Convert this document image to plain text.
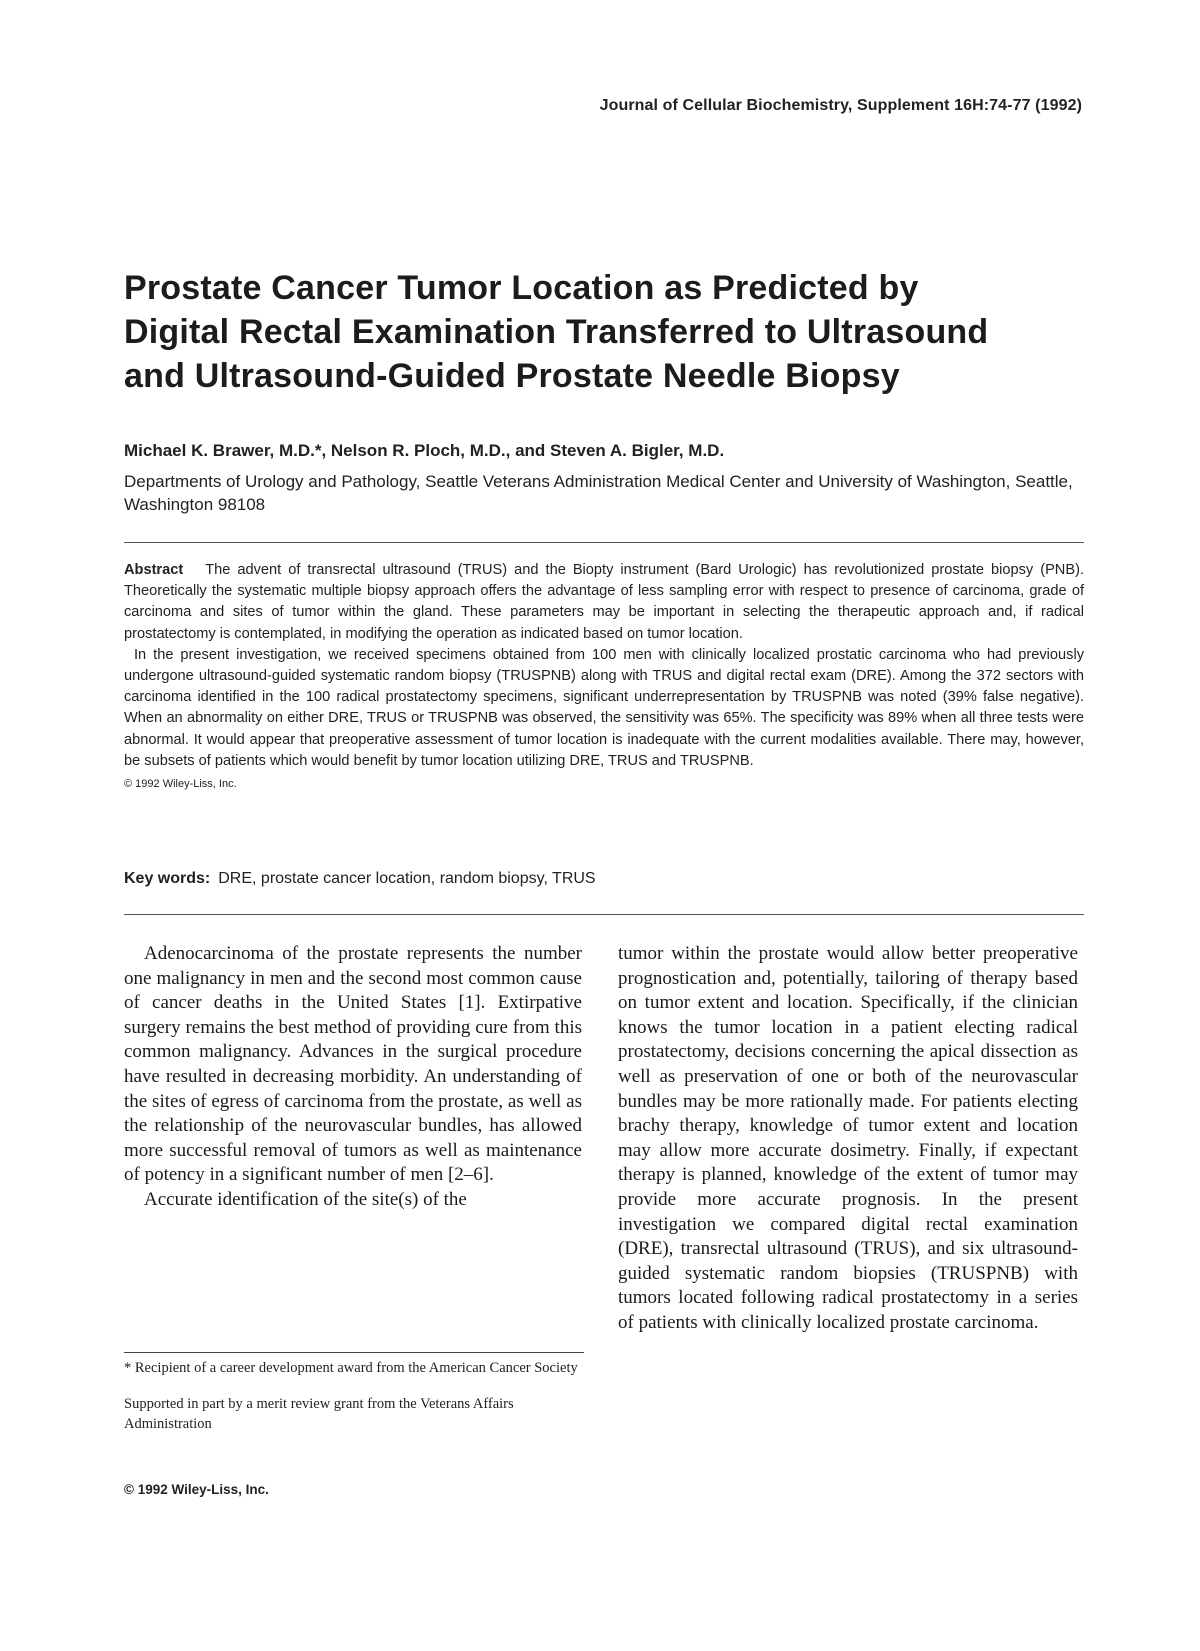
Journal of Cellular Biochemistry, Supplement 16H:74-77 (1992)
Prostate Cancer Tumor Location as Predicted by
Digital Rectal Examination Transferred to Ultrasound
and Ultrasound-Guided Prostate Needle Biopsy
Michael K. Brawer, M.D.*, Nelson R. Ploch, M.D., and Steven A. Bigler, M.D.
Departments of Urology and Pathology, Seattle Veterans Administration Medical Center and University of Washington, Seattle, Washington 98108

Abstract The advent of transrectal ultrasound (TRUS) and the Biopty instrument (Bard Urologic) has revolutionized prostate biopsy (PNB). Theoretically the systematic multiple biopsy approach offers the advantage of less sampling error with respect to presence of carcinoma, grade of carcinoma and sites of tumor within the gland. These parameters may be important in selecting the therapeutic approach and, if radical prostatectomy is contemplated, in modifying the operation as indicated based on tumor location.

In the present investigation, we received specimens obtained from 100 men with clinically localized prostatic carcinoma who had previously undergone ultrasound-guided systematic random biopsy (TRUSPNB) along with TRUS and digital rectal exam (DRE). Among the 372 sectors with carcinoma identified in the 100 radical prostatectomy specimens, significant underrepresentation by TRUSPNB was noted (39% false negative). When an abnormality on either DRE, TRUS or TRUSPNB was observed, the sensitivity was 65%. The specificity was 89% when all three tests were abnormal. It would appear that preoperative assessment of tumor location is inadequate with the current modalities available. There may, however, be subsets of patients which would benefit by tumor location utilizing DRE, TRUS and TRUSPNB.

© 1992 Wiley-Liss, Inc.
Key words: DRE, prostate cancer location, random biopsy, TRUS

Adenocarcinoma of the prostate represents the number one malignancy in men and the second most common cause of cancer deaths in the United States [1]. Extirpative surgery remains the best method of providing cure from this common malignancy. Advances in the surgical procedure have resulted in decreasing morbidity. An understanding of the sites of egress of carcinoma from the prostate, as well as the relationship of the neurovascular bundles, has allowed more successful removal of tumors as well as maintenance of potency in a significant number of men [2–6].

Accurate identification of the site(s) of the

tumor within the prostate would allow better preoperative prognostication and, potentially, tailoring of therapy based on tumor extent and location. Specifically, if the clinician knows the tumor location in a patient electing radical prostatectomy, decisions concerning the apical dissection as well as preservation of one or both of the neurovascular bundles may be more rationally made. For patients electing brachy therapy, knowledge of tumor extent and location may allow more accurate dosimetry. Finally, if expectant therapy is planned, knowledge of the extent of tumor may provide more accurate prognosis. In the present investigation we compared digital rectal examination (DRE), transrectal ultrasound (TRUS), and six ultrasound-guided systematic random biopsies (TRUSPNB) with tumors located following radical prostatectomy in a series of patients with clinically localized prostate carcinoma.

* Recipient of a career development award from the American Cancer Society

Supported in part by a merit review grant from the Veterans Affairs Administration

© 1992 Wiley-Liss, Inc.
